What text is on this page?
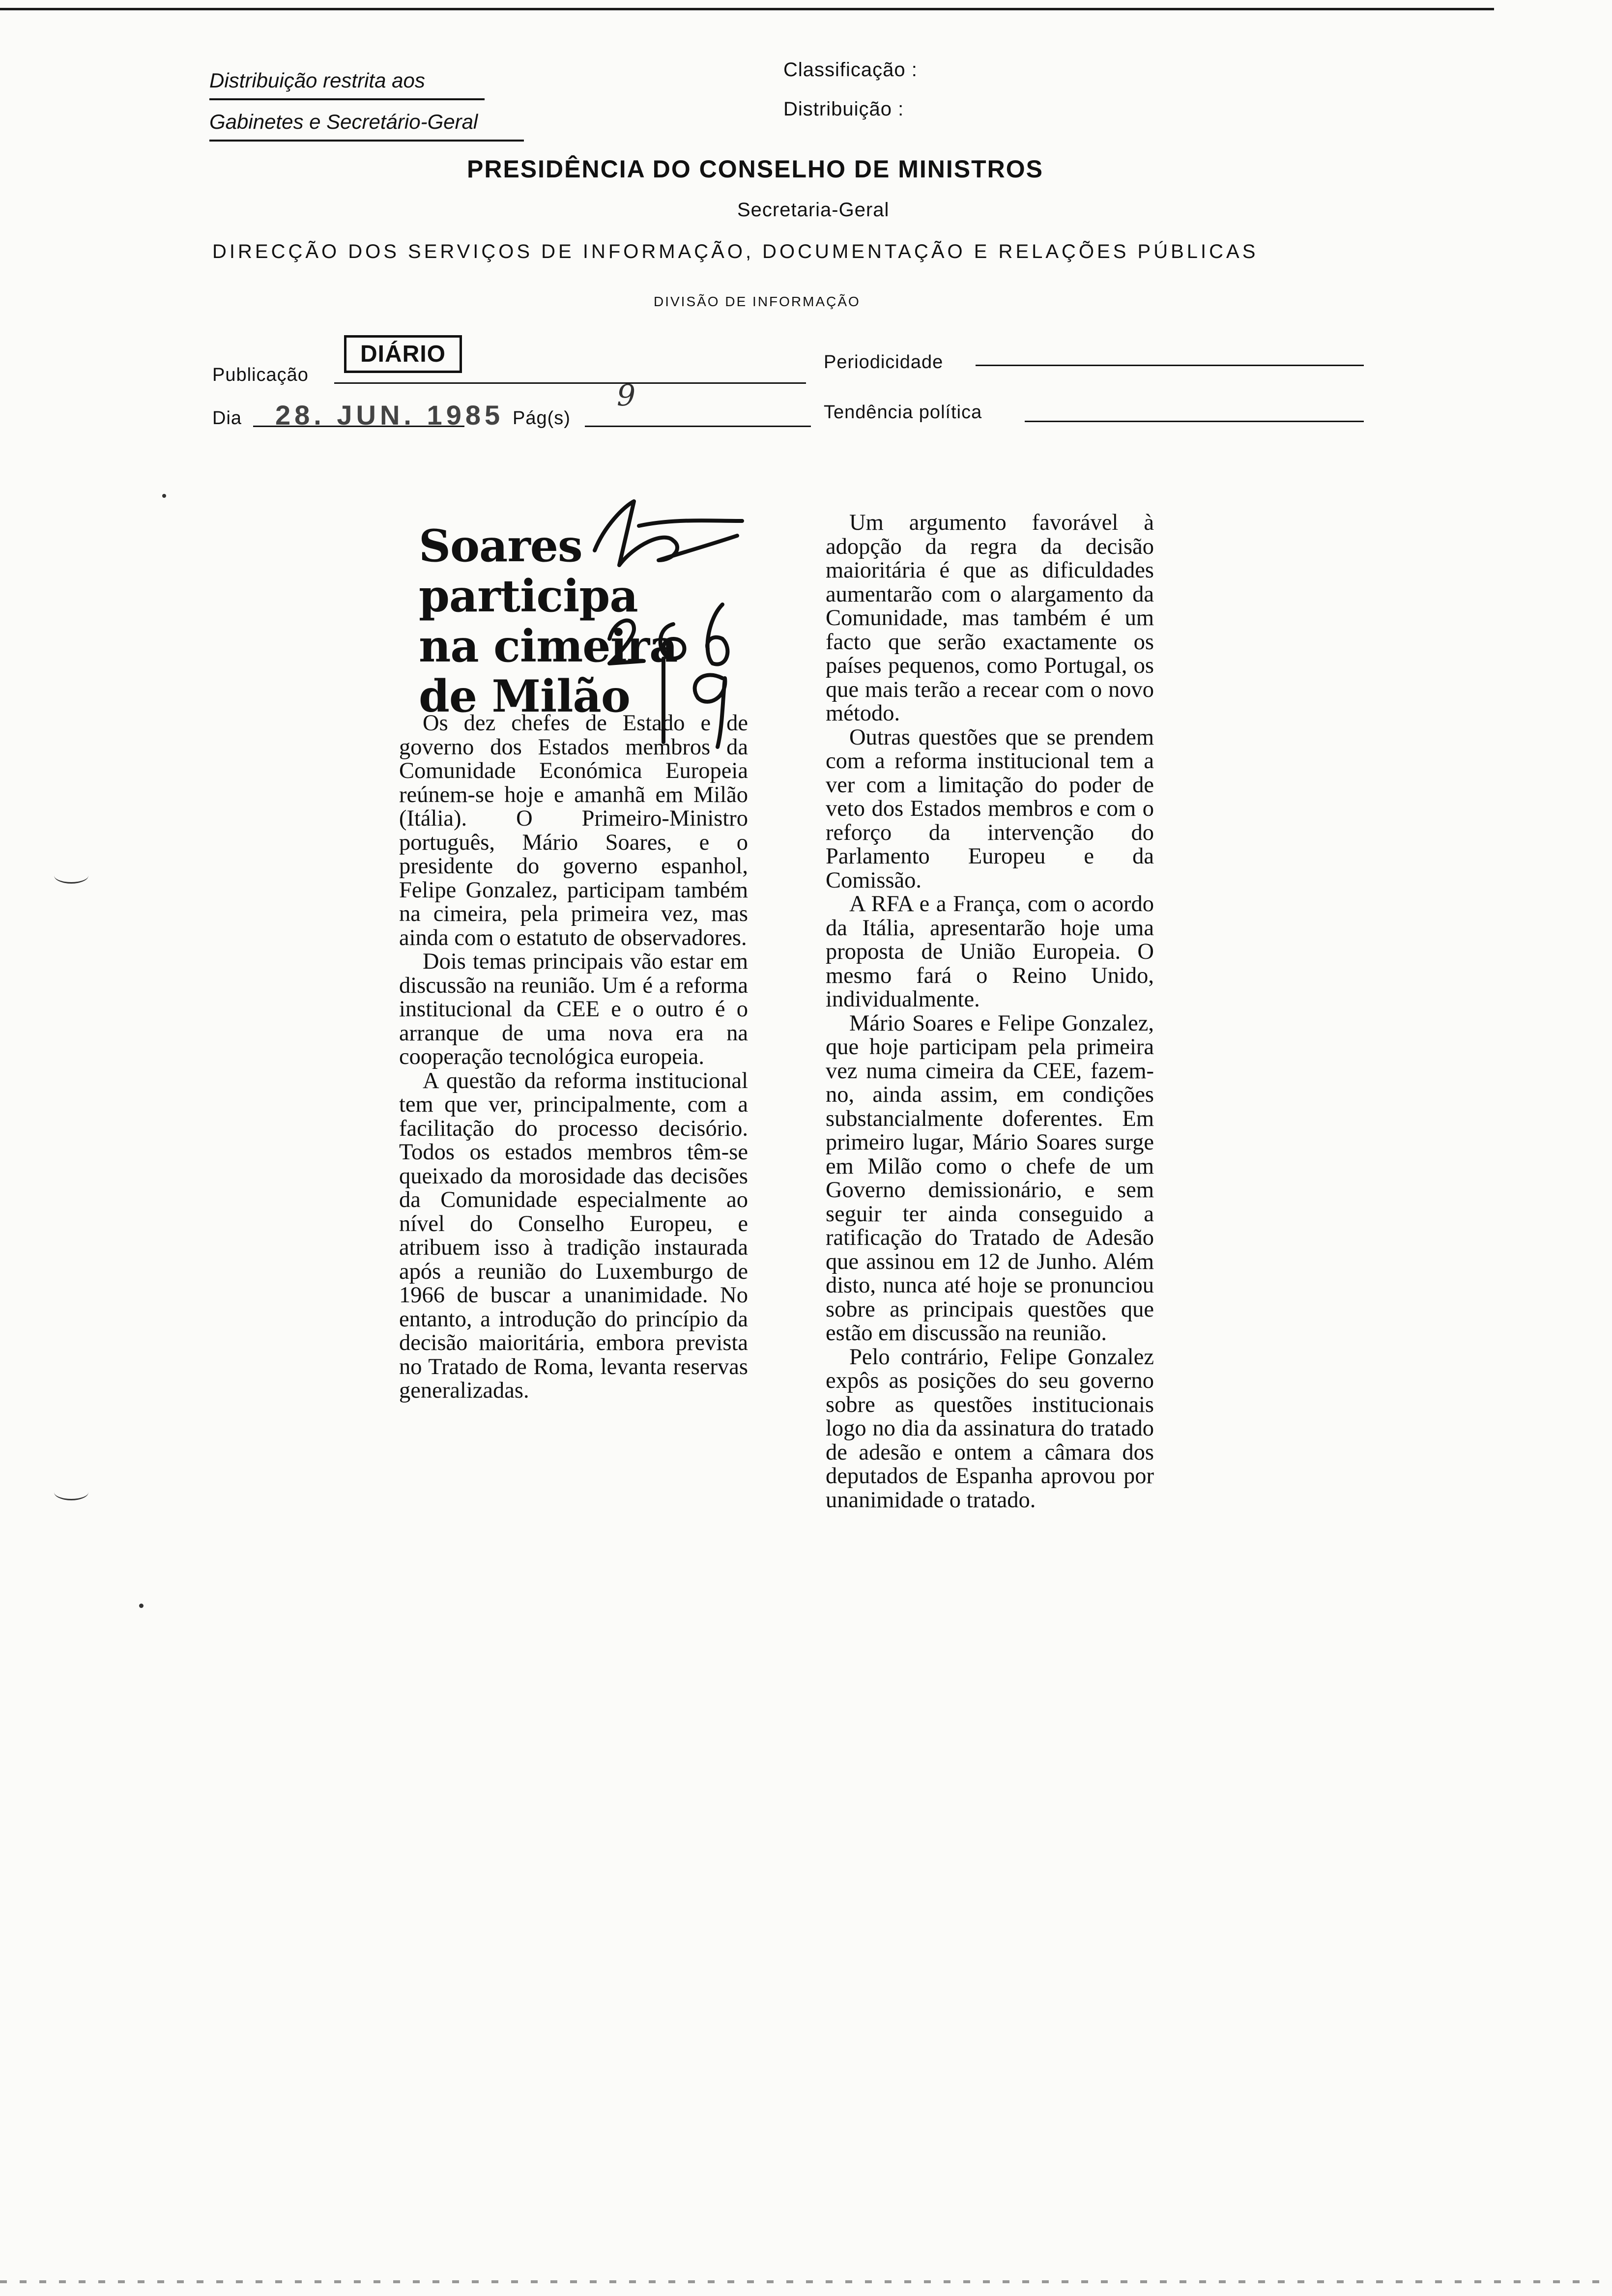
Distribuição restrita aos
Gabinetes e Secretário-Geral
Classificação :
Distribuição :
PRESIDÊNCIA DO CONSELHO DE MINISTROS
Secretaria-Geral
DIRECÇÃO DOS SERVIÇOS DE INFORMAÇÃO, DOCUMENTAÇÃO E RELAÇÕES PÚBLICAS
DIVISÃO DE INFORMAÇÃO
Publicação
DIÁRIO	Periodicidade
Dia 28. JUN. 1985 Pág(s)
9	Tendência política
Soares
participa
na cimeira
de Milão

Os dez chefes de Estado e de governo dos Estados membros da Comunidade Económica Europeia reúnem-se hoje e amanhã em Milão (Itália). O Primeiro-Ministro português, Mário Soares, e o presidente do governo espanhol, Felipe Gonzalez, participam também na cimeira, pela primeira vez, mas ainda com o estatuto de observadores.

Dois temas principais vão estar em discussão na reunião. Um é a reforma institucional da CEE e o outro é o arranque de uma nova era na cooperação tecnológica europeia.

A questão da reforma institucional tem que ver, principalmente, com a facilitação do processo decisório. Todos os estados membros têm-se queixado da morosidade das decisões da Comunidade especialmente ao nível do Conselho Europeu, e atribuem isso à tradição instaurada após a reunião do Luxemburgo de 1966 de buscar a unanimidade. No entanto, a introdução do princípio da decisão maioritária, embora prevista no Tratado de Roma, levanta reservas generalizadas.

Um argumento favorável à adopção da regra da decisão maioritária é que as dificuldades aumentarão com o alargamento da Comunidade, mas também é um facto que serão exactamente os países pequenos, como Portugal, os que mais terão a recear com o novo método.

Outras questões que se prendem com a reforma institucional tem a ver com a limitação do poder de veto dos Estados membros e com o reforço da intervenção do Parlamento Europeu e da Comissão.

A RFA e a França, com o acordo da Itália, apresentarão hoje uma proposta de União Europeia. O mesmo fará o Reino Unido, individualmente.

Mário Soares e Felipe Gonzalez, que hoje participam pela primeira vez numa cimeira da CEE, fazem-no, ainda assim, em condições substancialmente doferentes. Em primeiro lugar, Mário Soares surge em Milão como o chefe de um Governo demissionário, e sem seguir ter ainda conseguido a ratificação do Tratado de Adesão que assinou em 12 de Junho. Além disto, nunca até hoje se pronunciou sobre as principais questões que estão em discussão na reunião.

Pelo contrário, Felipe Gonzalez expôs as posições do seu governo sobre as questões institucionais logo no dia da assinatura do tratado de adesão e ontem a câmara dos deputados de Espanha aprovou por unanimidade o tratado.
